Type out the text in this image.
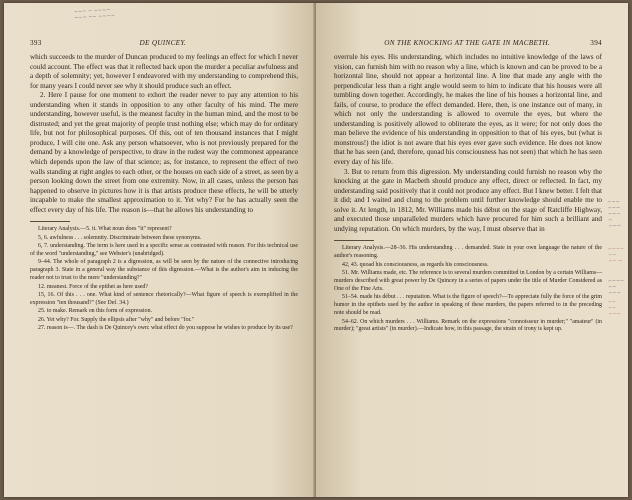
~~~ ~ ~~~~
~~~ ~~ ~~~~
393	DE QUINCEY.

which succeeds to the murder of Duncan produced to my feelings an effect for which I never could account. The effect was that it reflected back upon the murder a peculiar awfulness and a depth of solemnity; yet, however I endeavored with my understanding to comprehend this, for many years I could never see why it should produce such an effect.

2. Here I pause for one moment to exhort the reader never to pay any attention to his understanding when it stands in opposition to any other faculty of his mind. The mere understanding, however useful, is the meanest faculty in the human mind, and the most to be distrusted; and yet the great majority of people trust nothing else; which may do for ordinary life, but not for philosophical purposes. Of this, out of ten thousand instances that I might produce, I will cite one. Ask any person whatsoever, who is not previously prepared for the demand by a knowledge of perspective, to draw in the rudest way the commonest appearance which depends upon the law of that science; as, for instance, to represent the effect of two walls standing at right angles to each other, or the houses on each side of a street, as seen by a person looking down the street from one extremity. Now, in all cases, unless the person has happened to observe in pictures how it is that artists produce these effects, he will be utterly incapable to make the smallest approximation to it. Yet why? For he has actually seen the effect every day of his life. The reason is—that he allows his understanding to

Literary Analysis.—5. it. What noun does "it" represent?

5, 6. awfulness . . . solemnity. Discriminate between these synonyms.

6, 7. understanding. The term is here used in a specific sense as contrasted with reason. For this technical use of the word "understanding," see Webster's (unabridged).

9–44. The whole of paragraph 2 is a digression, as will be seen by the nature of the connective introducing paragraph 3. State in a general way the substance of this digression.—What is the author's aim in inducing the reader not to trust to the mere "understanding?"

12. meanest. Force of the epithet as here used?

15, 16. Of this . . . one. What kind of sentence rhetorically?—What figure of speech is exemplified in the expression "ten thousand?" (See Def. 34.)

25. to make. Remark on this form of expression.

26. Yet why? For. Supply the ellipsis after "why" and before "for."

27. reason is—. The dash is De Quincey's own: what effect do you suppose he wishes to produce by its use?

ON THE KNOCKING AT THE GATE IN MACBETH.	394

overrule his eyes. His understanding, which includes no intuitive knowledge of the laws of vision, can furnish him with no reason why a line, which is known and can be proved to be a horizontal line, should not appear a horizontal line. A line that made any angle with the perpendicular less than a right angle would seem to him to indicate that his houses were all tumbling down together. Accordingly, he makes the line of his houses a horizontal line, and fails, of course, to produce the effect demanded. Here, then, is one instance out of many, in which not only the understanding is allowed to overrule the eyes, but where the understanding is positively allowed to obliterate the eyes, as it were; for not only does the man believe the evidence of his understanding in opposition to that of his eyes, but (what is monstrous!) the idiot is not aware that his eyes ever gave such evidence. He does not know that he has seen (and, therefore, quoad his consciousness has not seen) that which he has seen every day of his life.

3. But to return from this digression. My understanding could furnish no reason why the knocking at the gate in Macbeth should produce any effect, direct or reflected. In fact, my understanding said positively that it could not produce any effect. But I knew better. I felt that it did; and I waited and clung to the problem until further knowledge should enable me to solve it. At length, in 1812, Mr. Williams made his début on the stage of Ratcliffe Highway, and executed those unparalleled murders which have procured for him such a brilliant and undying reputation. On which murders, by the way, I must observe that in

Literary Analysis.—28–36. His understanding . . . demanded. State in your own language the nature of the author's reasoning.

42, 43. quoad his consciousness, as regards his consciousness.

51. Mr. Williams made, etc. The reference is to several murders committed in London by a certain Williams—murders described with great power by De Quincey in a series of papers under the title of Murder Considered as One of the Fine Arts.

51–54. made his début . . . reputation. What is the figure of speech?—To appreciate fully the force of the grim humor in the epithets used by the author in speaking of these murders, the papers referred to in the preceding note should be read.

54–62. On which murders . . . Williams. Remark on the expressions "connoisseur in murder;" "amateur" (in murder); "great artists" (in murder).—Indicate how, in this passage, the strain of irony is kept up.

~~~ ~~~
~~~ ~
~~~
~~~~ ~~
~~ ~
~~~~
~~ ~~~
~~ ~~
~~~
